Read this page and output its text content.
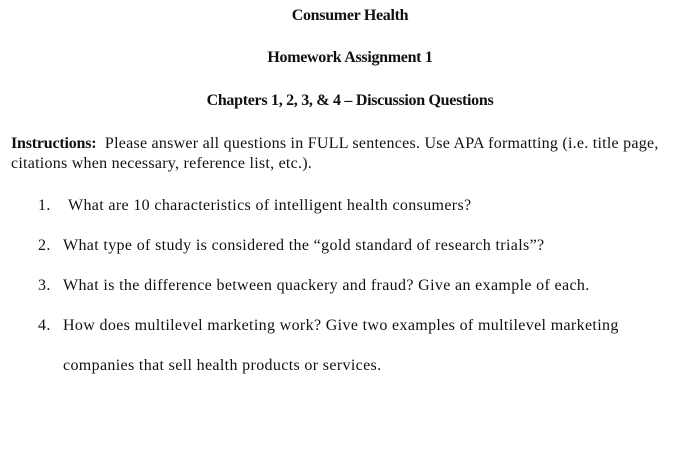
Consumer Health
Homework Assignment 1
Chapters 1, 2, 3, & 4 – Discussion Questions
Instructions: Please answer all questions in FULL sentences. Use APA formatting (i.e. title page, citations when necessary, reference list, etc.).
1. What are 10 characteristics of intelligent health consumers?
2. What type of study is considered the “gold standard of research trials”?
3. What is the difference between quackery and fraud? Give an example of each.
4. How does multilevel marketing work? Give two examples of multilevel marketing
companies that sell health products or services.
